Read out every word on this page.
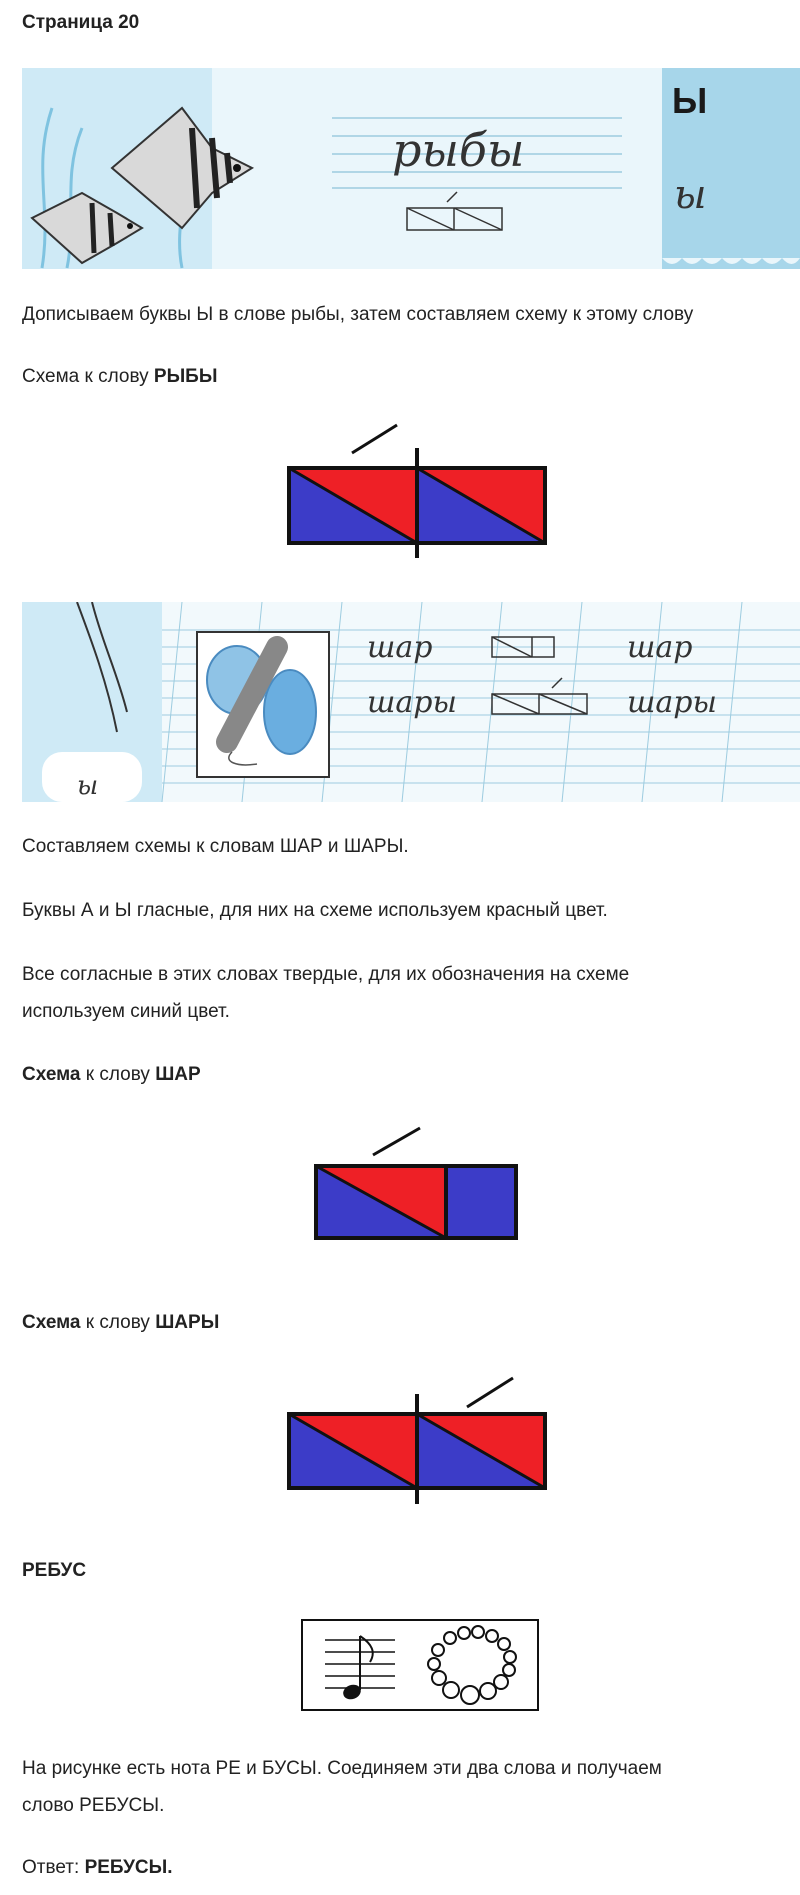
Страница 20
рыбы
Ы
ы

Дописываем буквы Ы в слове рыбы, затем составляем схему к этому слову

Схема к слову РЫБЫ

ы
шар
шары
шар
шары

Составляем схемы к словам ШАР и ШАРЫ.

Буквы А и Ы гласные, для них на схеме используем красный цвет.

Все согласные в этих словах твердые, для их обозначения на схеме

используем синий цвет.

Схема к слову ШАР

Схема к слову ШАРЫ

РЕБУС

На рисунке есть нота РЕ и БУСЫ. Соединяем эти два слова и получаем

слово РЕБУСЫ.

Ответ: РЕБУСЫ.
